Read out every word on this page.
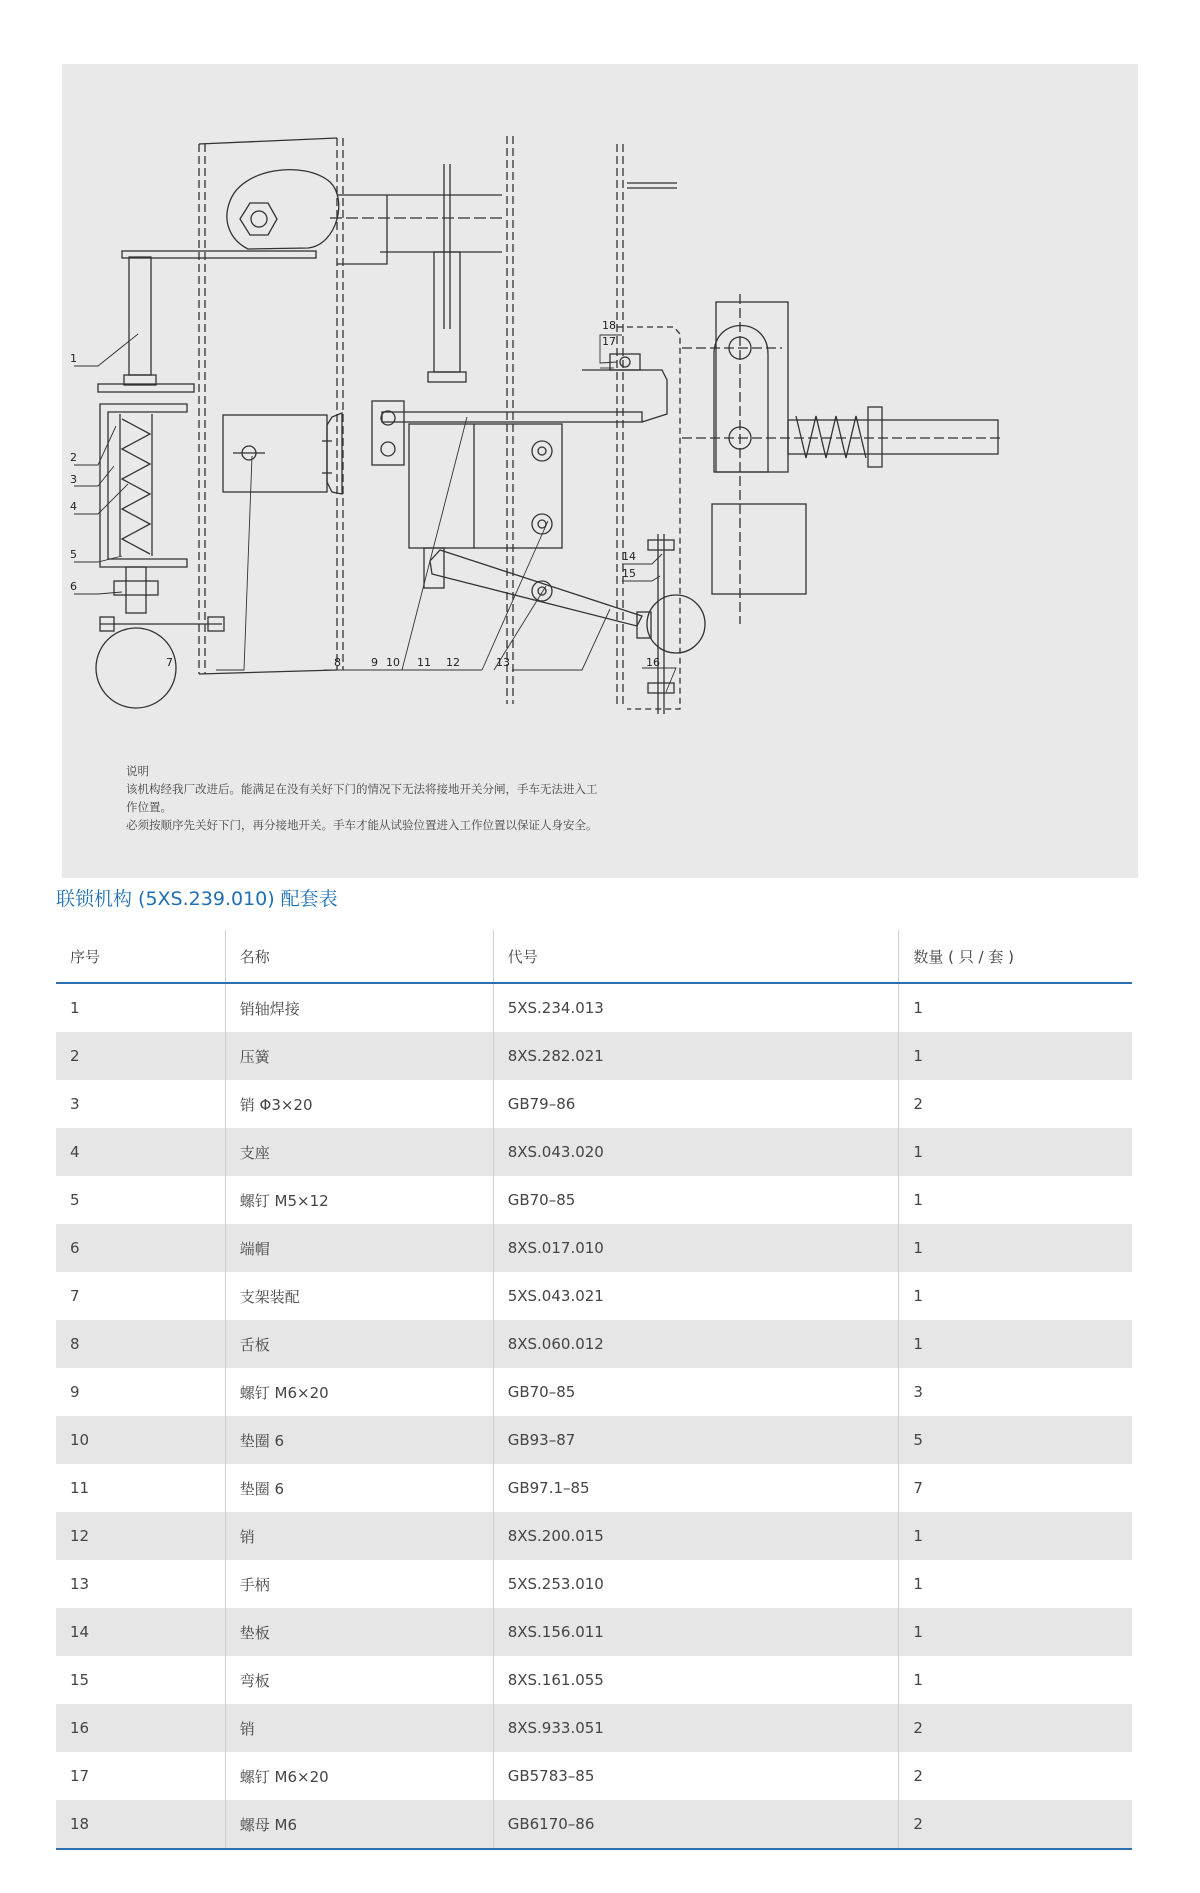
1
2
3
4
5
6
7	8	9 10 11 12	13
14
15
16
17
18
说明
该机构经我厂改进后。能满足在没有关好下门的情况下无法将接地开关分闸，手车无法进入工
作位置。
必须按顺序先关好下门，再分接地开关。手车才能从试验位置进入工作位置以保证人身安全。
联锁机构 (5XS.239.010) 配套表
序号	名称	代号	数量 ( 只 / 套 )
1	销轴焊接	5XS.234.013	1
2	压簧	8XS.282.021	1
3	销 Φ3×20	GB79–86	2
4	支座	8XS.043.020	1
5	螺钉 M5×12	GB70–85	1
6	端帽	8XS.017.010	1
7	支架装配	5XS.043.021	1
8	舌板	8XS.060.012	1
9	螺钉 M6×20	GB70–85	3
10	垫圈 6	GB93–87	5
11	垫圈 6	GB97.1–85	7
12	销	8XS.200.015	1
13	手柄	5XS.253.010	1
14	垫板	8XS.156.011	1
15	弯板	8XS.161.055	1
16	销	8XS.933.051	2
17	螺钉 M6×20	GB5783–85	2
18	螺母 M6	GB6170–86	2
